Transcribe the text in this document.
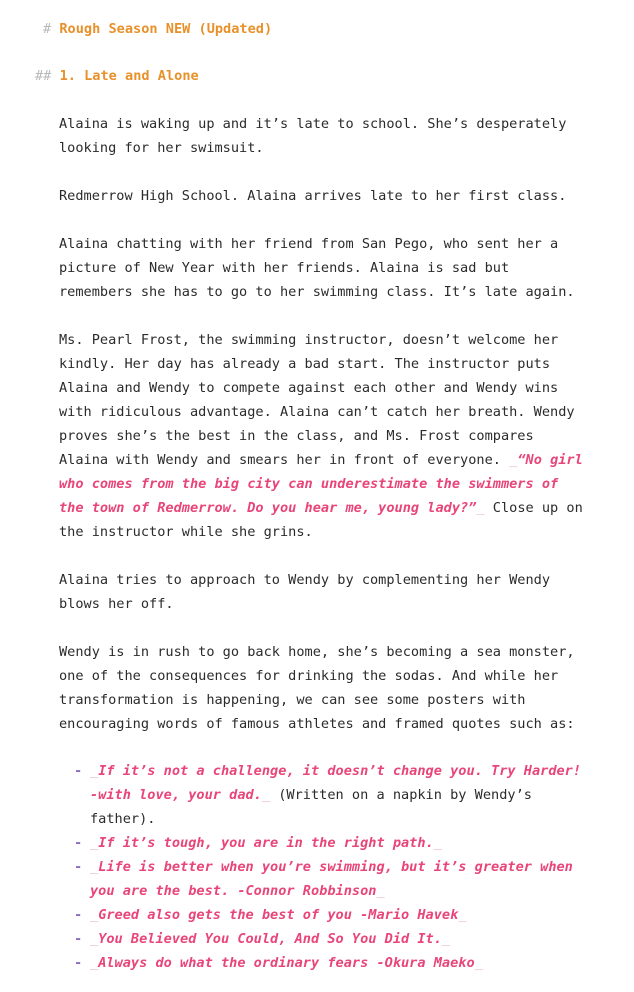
# Rough Season NEW (Updated)
## 1. Late and Alone

Alaina is waking up and it’s late to school. She’s desperately
looking for her swimsuit.

Redmerrow High School. Alaina arrives late to her first class.

Alaina chatting with her friend from San Pego, who sent her a
picture of New Year with her friends. Alaina is sad but
remembers she has to go to her swimming class. It’s late again.

Ms. Pearl Frost, the swimming instructor, doesn’t welcome her
kindly. Her day has already a bad start. The instructor puts
Alaina and Wendy to compete against each other and Wendy wins
with ridiculous advantage. Alaina can’t catch her breath. Wendy
proves she’s the best in the class, and Ms. Frost compares
Alaina with Wendy and smears her in front of everyone. _“No girl
who comes from the big city can underestimate the swimmers of
the town of Redmerrow. Do you hear me, young lady?”_ Close up on
the instructor while she grins.

Alaina tries to approach to Wendy by complementing her Wendy
blows her off.

Wendy is in rush to go back home, she’s becoming a sea monster,
one of the consequences for drinking the sodas. And while her
transformation is happening, we can see some posters with
encouraging words of famous athletes and framed quotes such as:

- _If it’s not a challenge, it doesn’t change you. Try Harder!
-with love, your dad._ (Written on a napkin by Wendy’s
father).
- _If it’s tough, you are in the right path._
- _Life is better when you’re swimming, but it’s greater when
you are the best. -Connor Robbinson_
- _Greed also gets the best of you -Mario Havek_
- _You Believed You Could, And So You Did It._
- _Always do what the ordinary fears -Okura Maeko_
